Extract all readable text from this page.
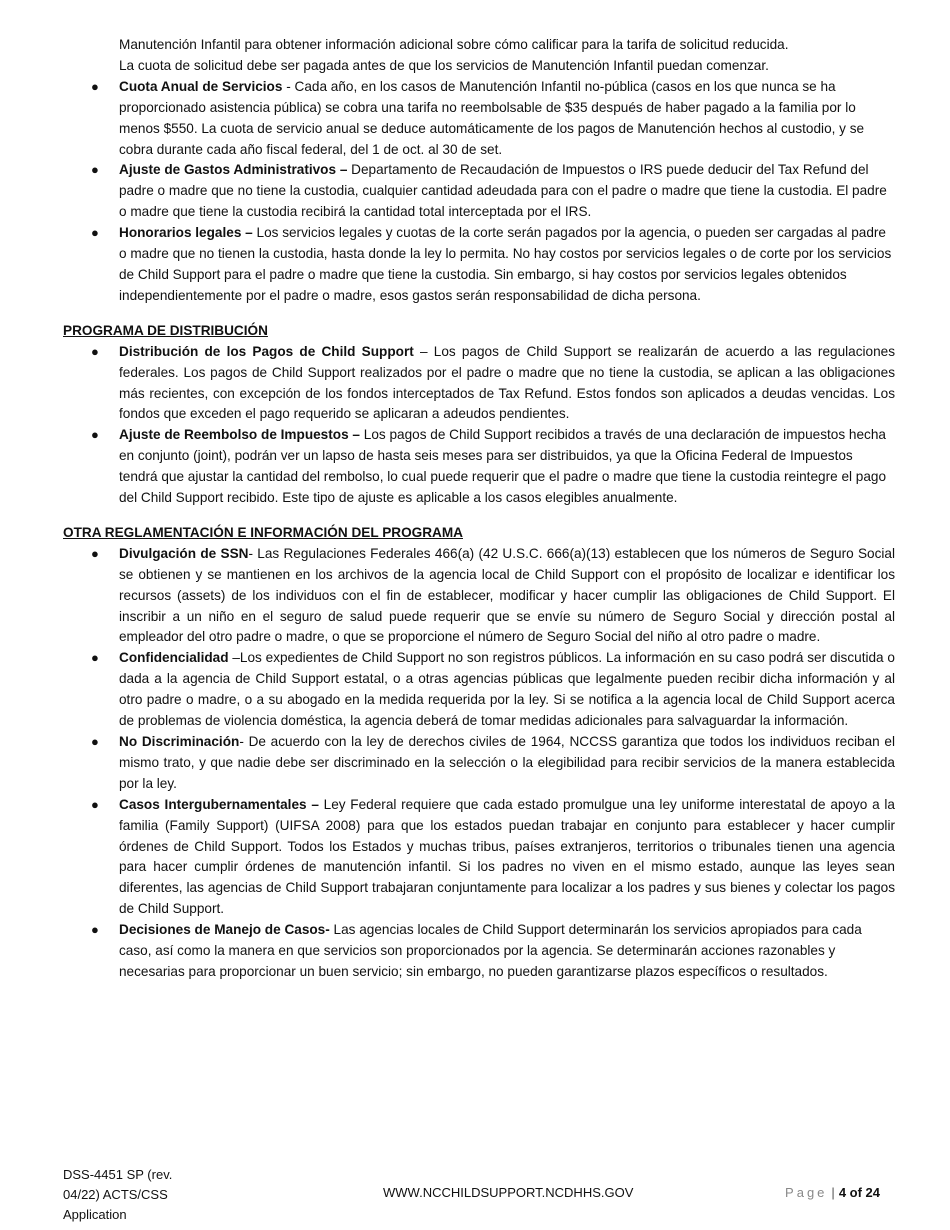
Manutención Infantil para obtener información adicional sobre cómo calificar para la tarifa de solicitud reducida.

La cuota de solicitud debe ser pagada antes de que los servicios de Manutención Infantil puedan comenzar.

● Cuota Anual de Servicios - Cada año, en los casos de Manutención Infantil no-pública (casos en los que nunca se ha proporcionado asistencia pública) se cobra una tarifa no reembolsable de $35 después de haber pagado a la familia por lo menos $550. La cuota de servicio anual se deduce automáticamente de los pagos de Manutención hechos al custodio, y se cobra durante cada año fiscal federal, del 1 de oct. al 30 de set.
● Ajuste de Gastos Administrativos – Departamento de Recaudación de Impuestos o IRS puede deducir del Tax Refund del padre o madre que no tiene la custodia, cualquier cantidad adeudada para con el padre o madre que tiene la custodia. El padre o madre que tiene la custodia recibirá la cantidad total interceptada por el IRS.
● Honorarios legales – Los servicios legales y cuotas de la corte serán pagados por la agencia, o pueden ser cargadas al padre o madre que no tienen la custodia, hasta donde la ley lo permita. No hay costos por servicios legales o de corte por los servicios de Child Support para el padre o madre que tiene la custodia. Sin embargo, si hay costos por servicios legales obtenidos independientemente por el padre o madre, esos gastos serán responsabilidad de dicha persona.
PROGRAMA DE DISTRIBUCIÓN
● Distribución de los Pagos de Child Support – Los pagos de Child Support se realizarán de acuerdo a las regulaciones federales. Los pagos de Child Support realizados por el padre o madre que no tiene la custodia, se aplican a las obligaciones más recientes, con excepción de los fondos interceptados de Tax Refund. Estos fondos son aplicados a deudas vencidas. Los fondos que exceden el pago requerido se aplicaran a adeudos pendientes.
● Ajuste de Reembolso de Impuestos – Los pagos de Child Support recibidos a través de una declaración de impuestos hecha en conjunto (joint), podrán ver un lapso de hasta seis meses para ser distribuidos, ya que la Oficina Federal de Impuestos tendrá que ajustar la cantidad del rembolso, lo cual puede requerir que el padre o madre que tiene la custodia reintegre el pago del Child Support recibido. Este tipo de ajuste es aplicable a los casos elegibles anualmente.
OTRA REGLAMENTACIÓN E INFORMACIÓN DEL PROGRAMA
● Divulgación de SSN- Las Regulaciones Federales 466(a) (42 U.S.C. 666(a)(13) establecen que los números de Seguro Social se obtienen y se mantienen en los archivos de la agencia local de Child Support con el propósito de localizar e identificar los recursos (assets) de los individuos con el fin de establecer, modificar y hacer cumplir las obligaciones de Child Support. El inscribir a un niño en el seguro de salud puede requerir que se envíe su número de Seguro Social y dirección postal al empleador del otro padre o madre, o que se proporcione el número de Seguro Social del niño al otro padre o madre.
● Confidencialidad –Los expedientes de Child Support no son registros públicos. La información en su caso podrá ser discutida o dada a la agencia de Child Support estatal, o a otras agencias públicas que legalmente pueden recibir dicha información y al otro padre o madre, o a su abogado en la medida requerida por la ley. Si se notifica a la agencia local de Child Support acerca de problemas de violencia doméstica, la agencia deberá de tomar medidas adicionales para salvaguardar la información.
● No Discriminación- De acuerdo con la ley de derechos civiles de 1964, NCCSS garantiza que todos los individuos reciban el mismo trato, y que nadie debe ser discriminado en la selección o la elegibilidad para recibir servicios de la manera establecida por la ley.
● Casos Intergubernamentales – Ley Federal requiere que cada estado promulgue una ley uniforme interestatal de apoyo a la familia (Family Support) (UIFSA 2008) para que los estados puedan trabajar en conjunto para establecer y hacer cumplir órdenes de Child Support. Todos los Estados y muchas tribus, países extranjeros, territorios o tribunales tienen una agencia para hacer cumplir órdenes de manutención infantil. Si los padres no viven en el mismo estado, aunque las leyes sean diferentes, las agencias de Child Support trabajaran conjuntamente para localizar a los padres y sus bienes y colectar los pagos de Child Support.
● Decisiones de Manejo de Casos- Las agencias locales de Child Support determinarán los servicios apropiados para cada caso, así como la manera en que servicios son proporcionados por la agencia. Se determinarán acciones razonables y necesarias para proporcionar un buen servicio; sin embargo, no pueden garantizarse plazos específicos o resultados.
DSS-4451 SP (rev. 04/22) ACTS/CSS Application
WWW.NCCHILDSUPPORT.NCDHHS.GOV	Page | 4 of 24
